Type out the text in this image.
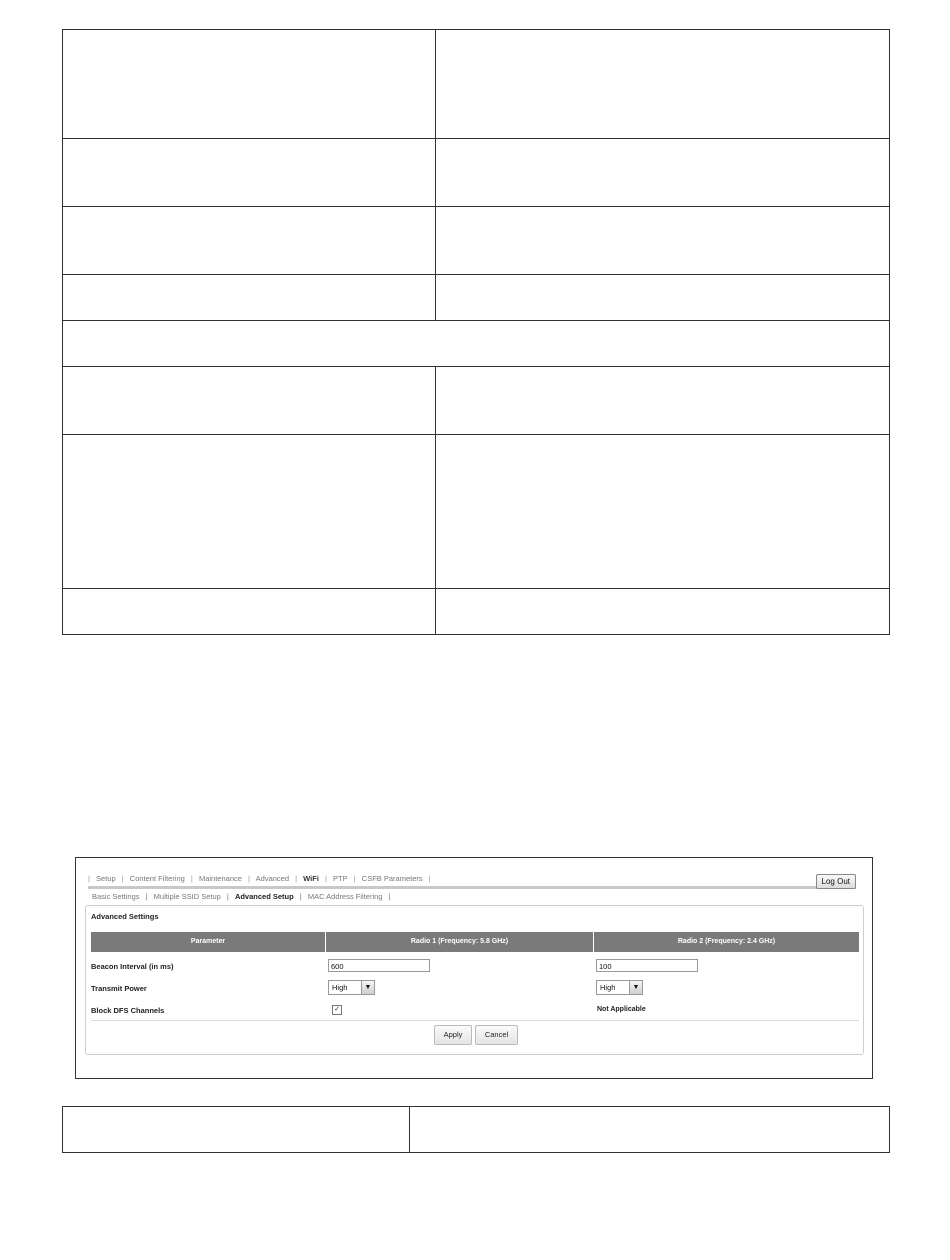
| Setup | Content Filtering | Maintenance | Advanced | WiFi | PTP | CSFB Parameters |	Log Out
Basic Settings | Multiple SSID Setup | Advanced Setup | MAC Address Filtering |
Advanced Settings
Parameter	Radio 1 (Frequency: 5.8 GHz)	Radio 2 (Frequency: 2.4 GHz)
Beacon Interval (in ms)	600	100
Transmit Power	High	▼	High	▼
Block DFS Channels	✓	Not Applicable
Apply	Cancel
